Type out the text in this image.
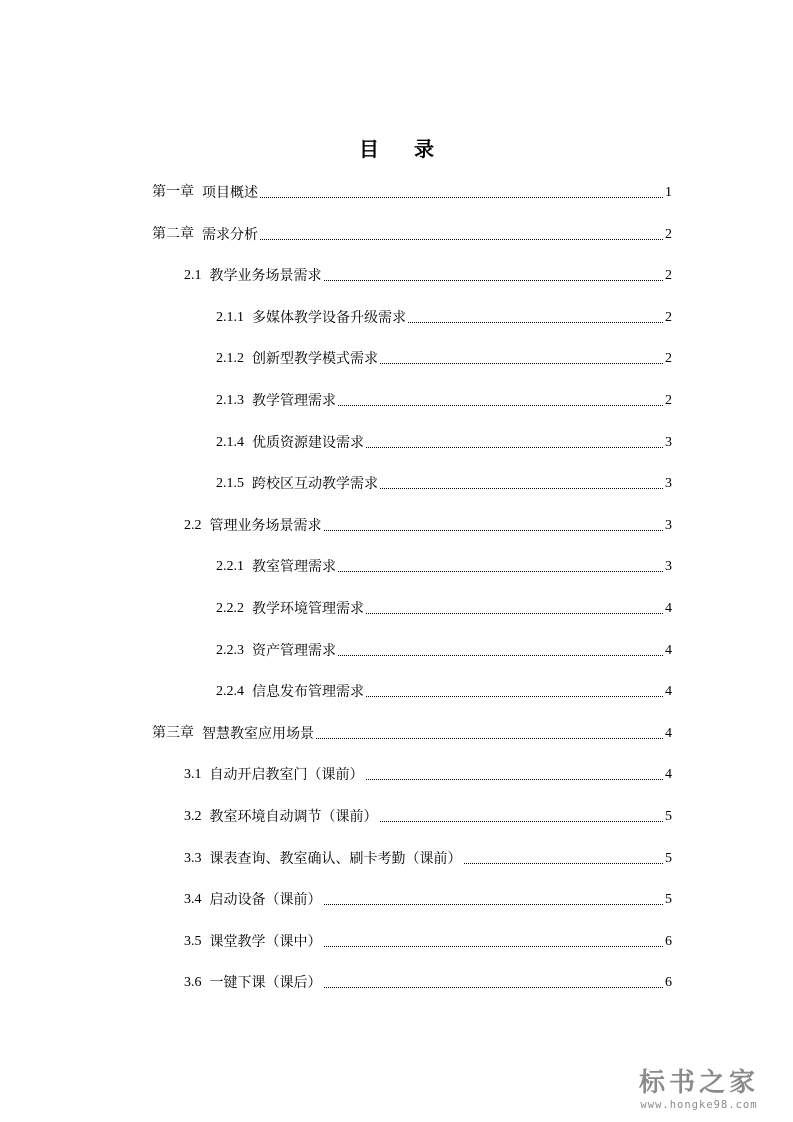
目 录
第一章 项目概述	1
第二章 需求分析	2
2.1 教学业务场景需求	2
2.1.1 多媒体教学设备升级需求	2
2.1.2 创新型教学模式需求	2
2.1.3 教学管理需求	2
2.1.4 优质资源建设需求	3
2.1.5 跨校区互动教学需求	3
2.2 管理业务场景需求	3
2.2.1 教室管理需求	3
2.2.2 教学环境管理需求	4
2.2.3 资产管理需求	4
2.2.4 信息发布管理需求	4
第三章 智慧教室应用场景	4
3.1 自动开启教室门（课前）	4
3.2 教室环境自动调节（课前）	5
3.3 课表查询、教室确认、刷卡考勤（课前）	5
3.4 启动设备（课前）	5
3.5 课堂教学（课中）	6
3.6 一键下课（课后）	6
标书之家
www.hongke98.com
